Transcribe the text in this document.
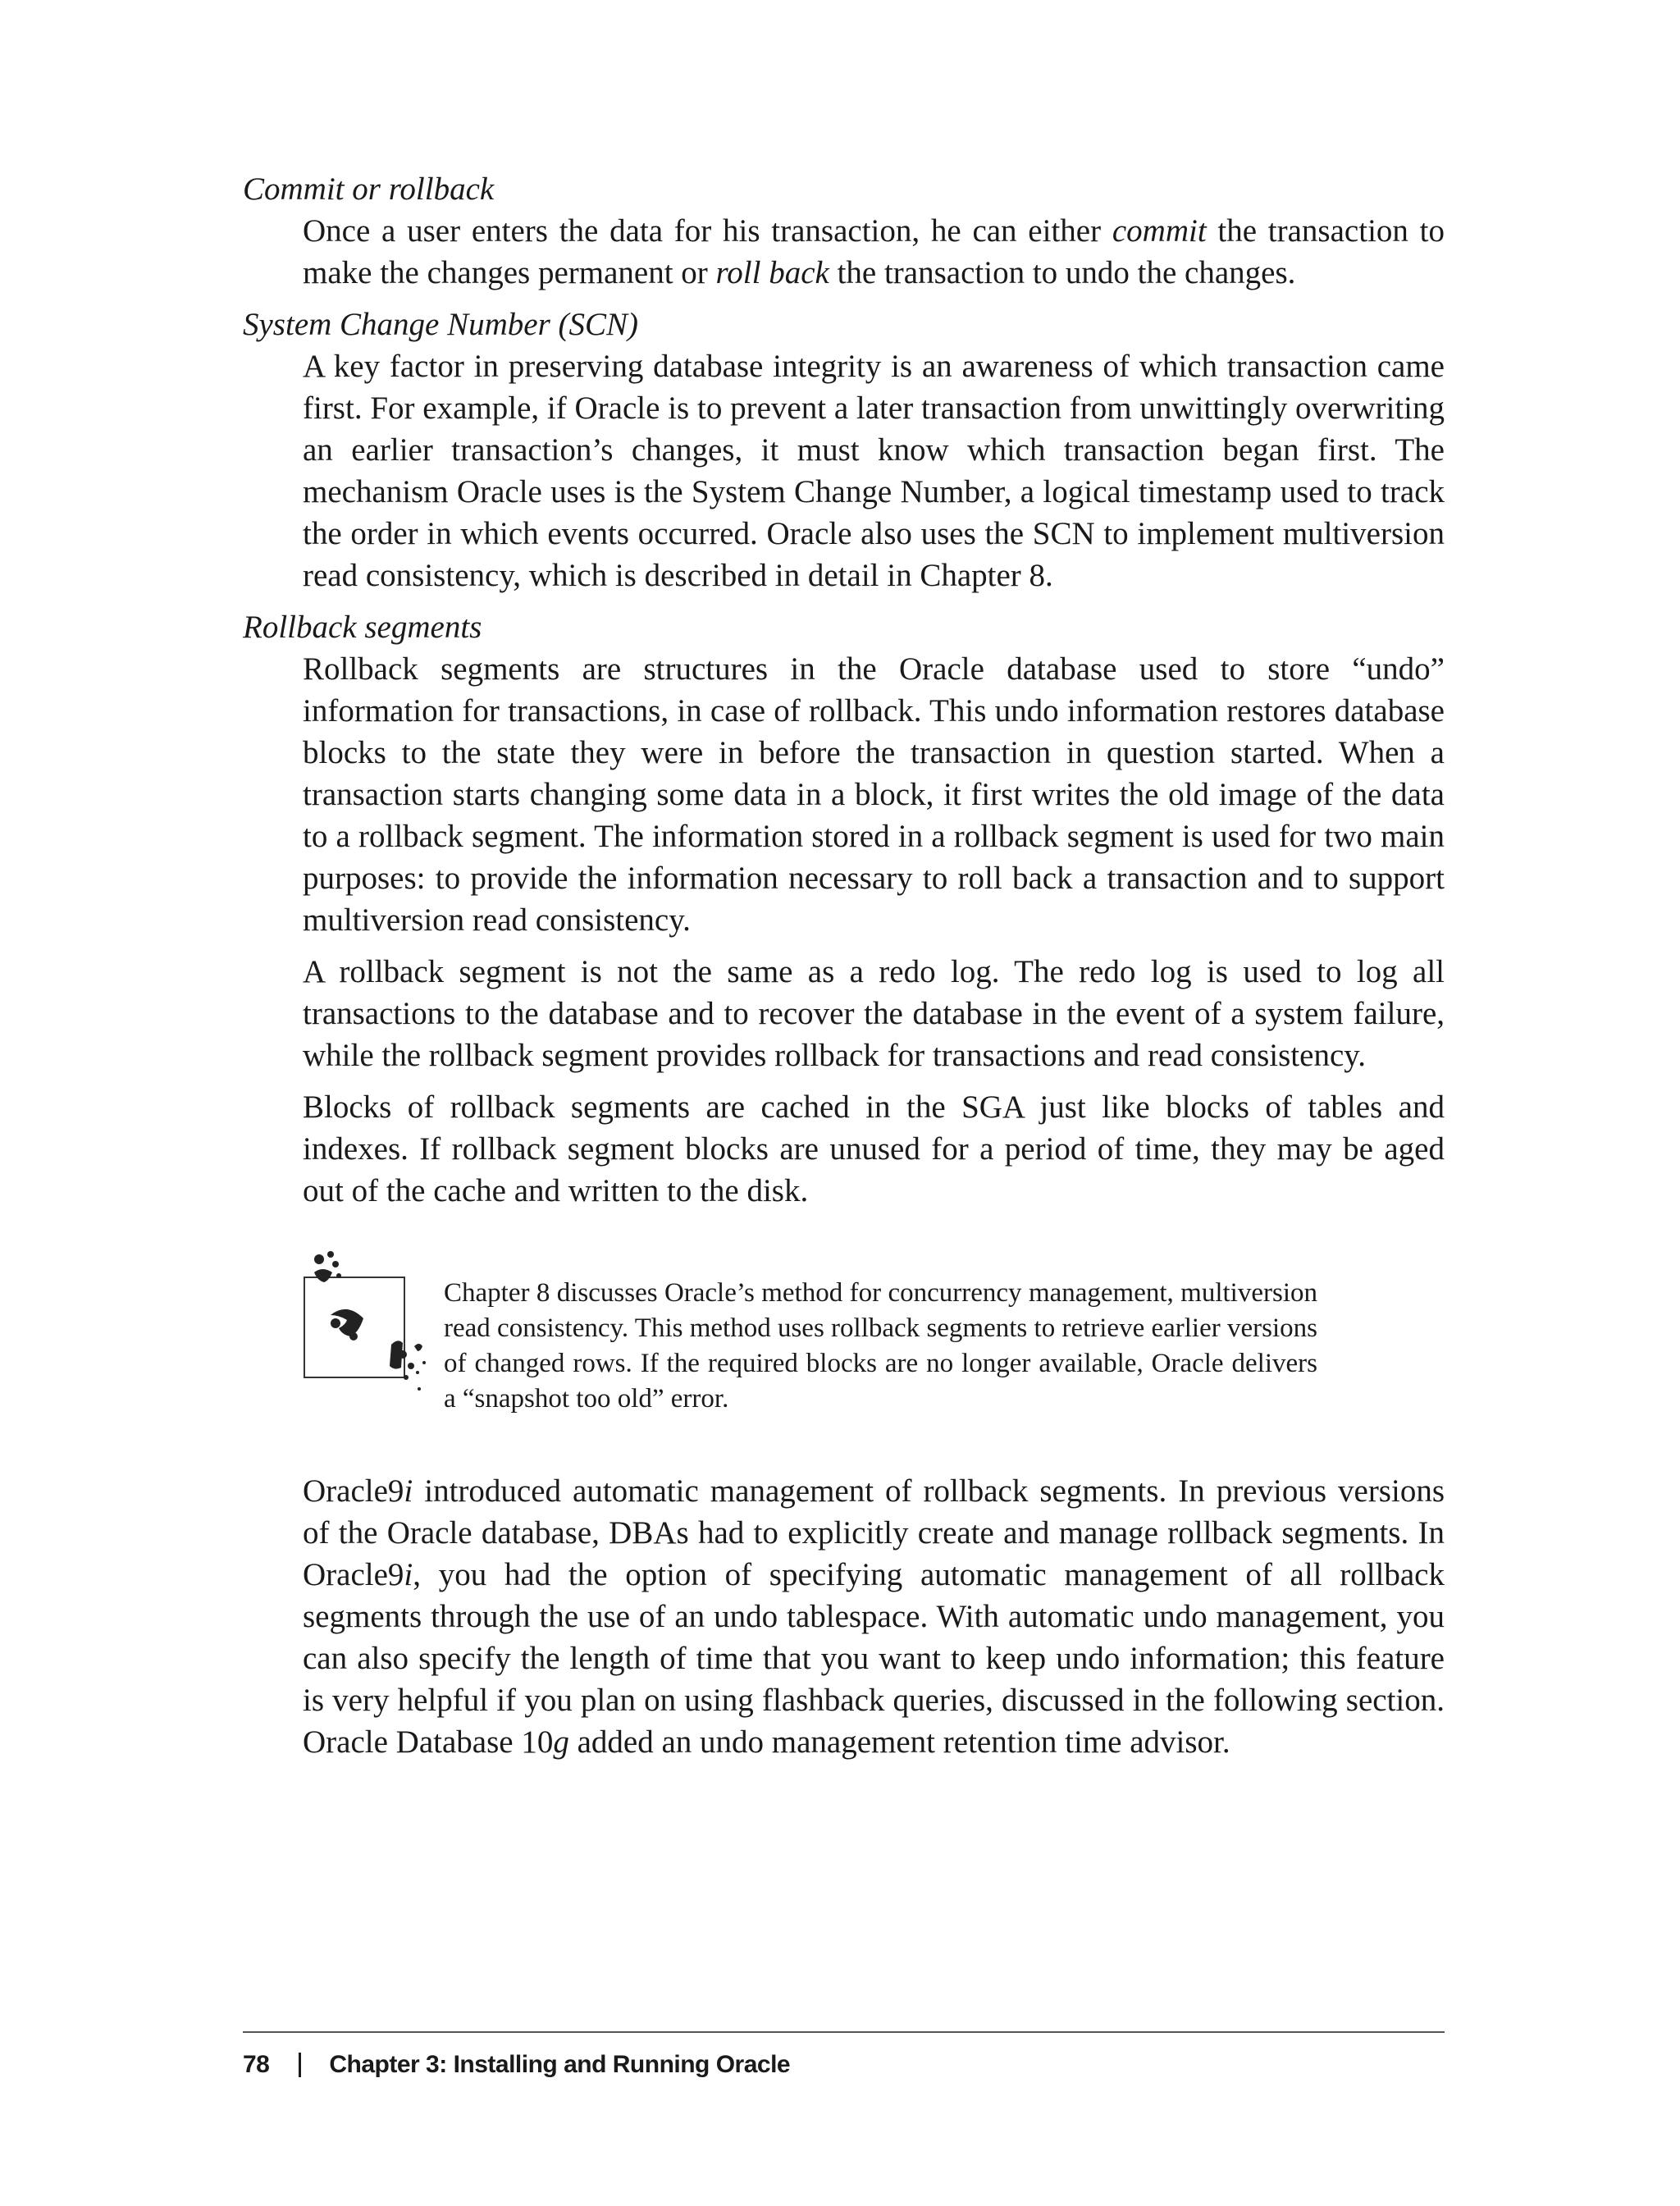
Commit or rollback

Once a user enters the data for his transaction, he can either commit the transaction to make the changes permanent or roll back the transaction to undo the changes.

System Change Number (SCN)

A key factor in preserving database integrity is an awareness of which transaction came first. For example, if Oracle is to prevent a later transaction from unwittingly overwriting an earlier transaction’s changes, it must know which transaction began first. The mechanism Oracle uses is the System Change Number, a logical timestamp used to track the order in which events occurred. Oracle also uses the SCN to implement multiversion read consistency, which is described in detail in Chapter 8.

Rollback segments

Rollback segments are structures in the Oracle database used to store “undo” information for transactions, in case of rollback. This undo information restores database blocks to the state they were in before the transaction in question started. When a transaction starts changing some data in a block, it first writes the old image of the data to a rollback segment. The information stored in a rollback segment is used for two main purposes: to provide the information necessary to roll back a transaction and to support multiversion read consistency.

A rollback segment is not the same as a redo log. The redo log is used to log all transactions to the database and to recover the database in the event of a system failure, while the rollback segment provides rollback for transactions and read consistency.

Blocks of rollback segments are cached in the SGA just like blocks of tables and indexes. If rollback segment blocks are unused for a period of time, they may be aged out of the cache and written to the disk.

Chapter 8 discusses Oracle’s method for concurrency management, multiversion read consistency. This method uses rollback segments to retrieve earlier versions of changed rows. If the required blocks are no longer available, Oracle delivers a “snapshot too old” error.

Oracle9i introduced automatic management of rollback segments. In previous versions of the Oracle database, DBAs had to explicitly create and manage rollback segments. In Oracle9i, you had the option of specifying automatic management of all rollback segments through the use of an undo tablespace. With automatic undo management, you can also specify the length of time that you want to keep undo information; this feature is very helpful if you plan on using flashback queries, discussed in the following section. Oracle Database 10g added an undo management retention time advisor.

78 Chapter 3: Installing and Running Oracle
